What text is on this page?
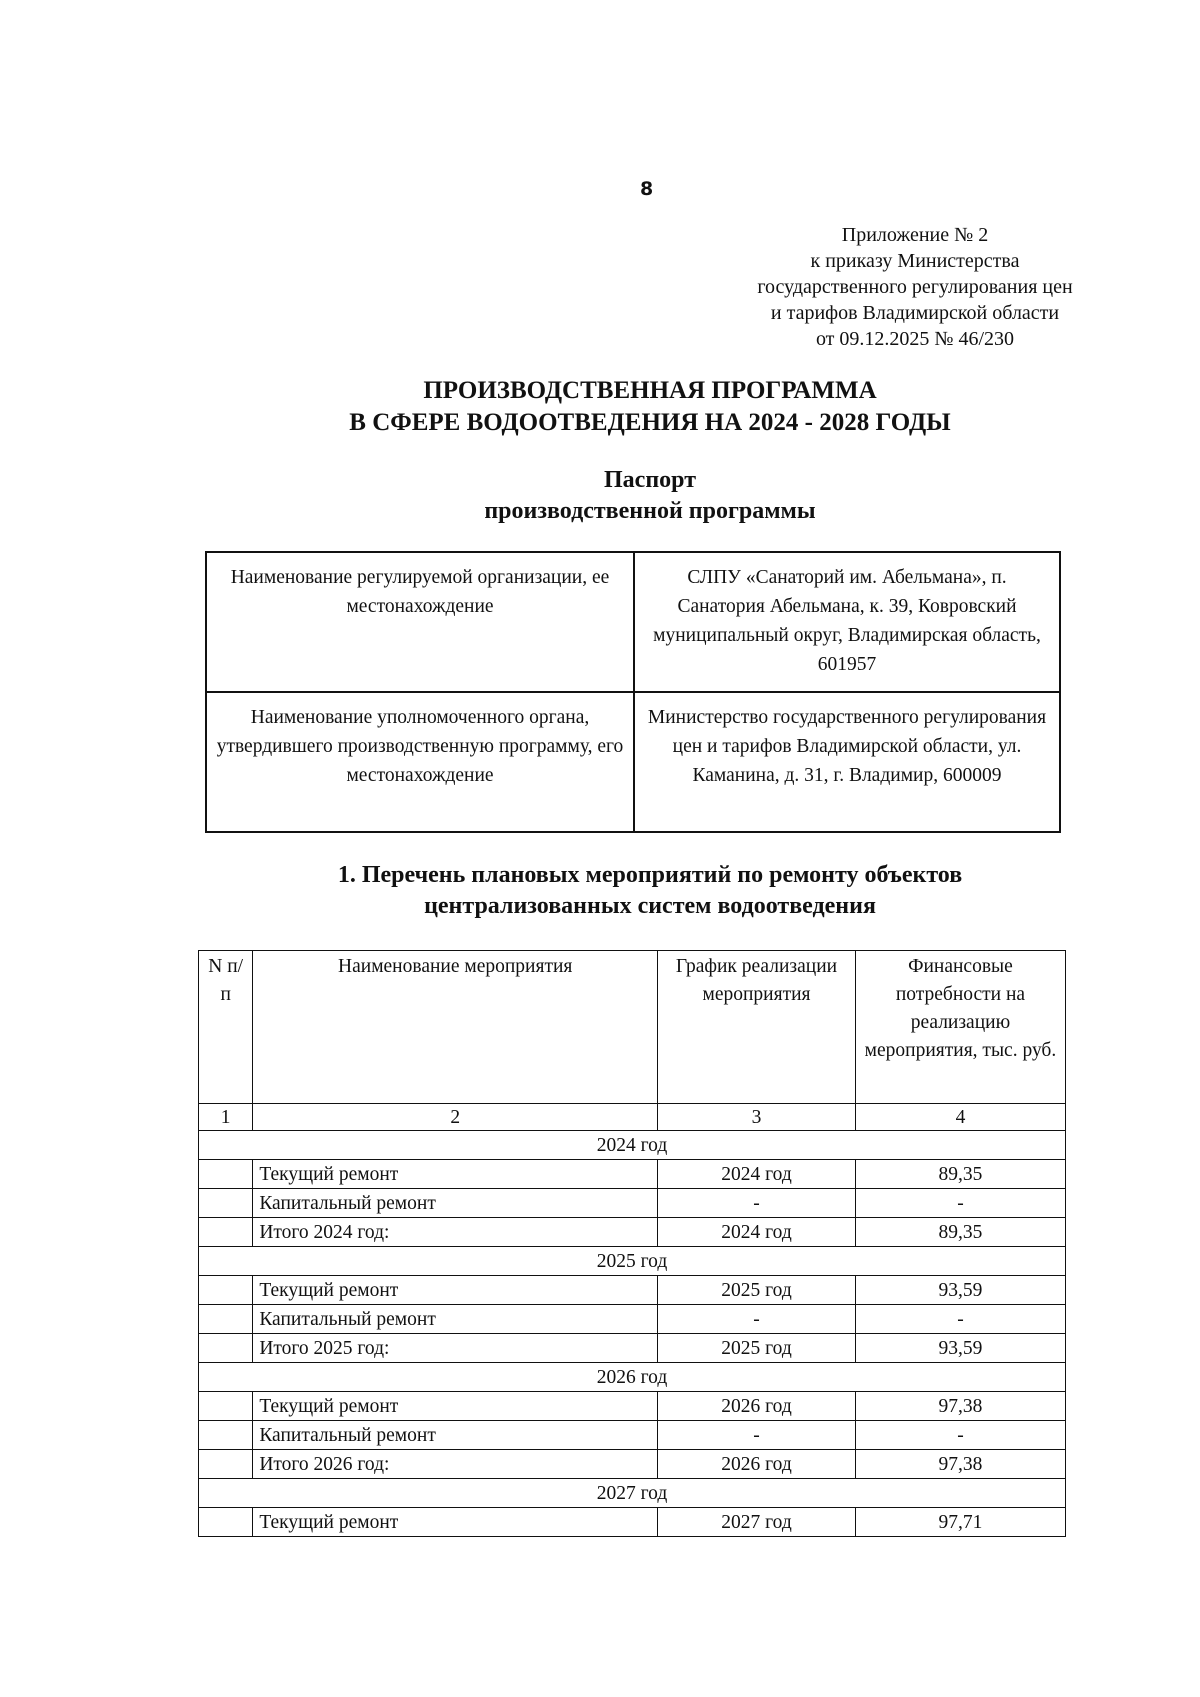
8
Приложение № 2
к приказу Министерства
государственного регулирования цен
и тарифов Владимирской области
от 09.12.2025 № 46/230
ПРОИЗВОДСТВЕННАЯ ПРОГРАММА
В СФЕРЕ ВОДООТВЕДЕНИЯ НА 2024 - 2028 ГОДЫ
Паспорт
производственной программы
Наименование регулируемой организации, ее местонахождение	СЛПУ «Санаторий им. Абельмана», п. Санатория Абельмана, к. 39, Ковровский муниципальный округ, Владимирская область, 601957
Наименование уполномоченного органа, утвердившего производственную программу, его местонахождение	Министерство государственного регулирования цен и тарифов Владимирской области, ул. Каманина, д. 31, г. Владимир, 600009
1. Перечень плановых мероприятий по ремонту объектов
централизованных систем водоотведения
N п/п	Наименование мероприятия	График реализации мероприятия	Финансовые потребности на реализацию мероприятия, тыс. руб.
1	2	3	4
2024 год			
	Текущий ремонт	2024 год	89,35
	Капитальный ремонт	-	-
	Итого 2024 год:	2024 год	89,35
2025 год			
	Текущий ремонт	2025 год	93,59
	Капитальный ремонт	-	-
	Итого 2025 год:	2025 год	93,59
2026 год			
	Текущий ремонт	2026 год	97,38
	Капитальный ремонт	-	-
	Итого 2026 год:	2026 год	97,38
2027 год			
	Текущий ремонт	2027 год	97,71
